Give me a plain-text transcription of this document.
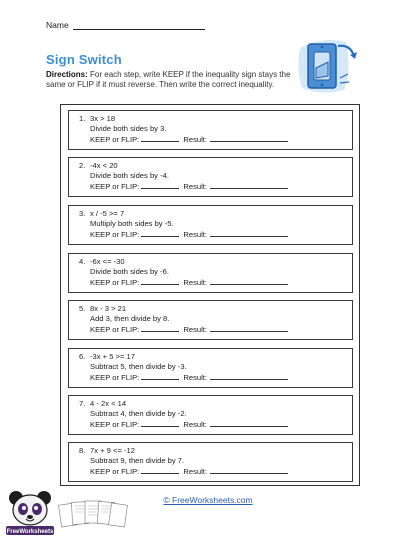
Name
Sign Switch
Directions: For each step, write KEEP if the inequality sign stays the same or FLIP if it must reverse. Then write the correct inequality.
1. 3x > 18
Divide both sides by 3.
KEEP or FLIP:	Result:
2. -4x < 20
Divide both sides by -4.
KEEP or FLIP:	Result:
3. x / -5 >= 7
Multiply both sides by -5.
KEEP or FLIP:	Result:
4. -6x <= -30
Divide both sides by -6.
KEEP or FLIP:	Result:
5. 8x - 3 > 21
Add 3, then divide by 8.
KEEP or FLIP:	Result:
6. -3x + 5 >= 17
Subtract 5, then divide by -3.
KEEP or FLIP:	Result:
7. 4 - 2x < 14
Subtract 4, then divide by -2.
KEEP or FLIP:	Result:
8. 7x + 9 <= -12
Subtract 9, then divide by 7.
KEEP or FLIP:	Result:
FreeWorksheets
© FreeWorksheets.com
